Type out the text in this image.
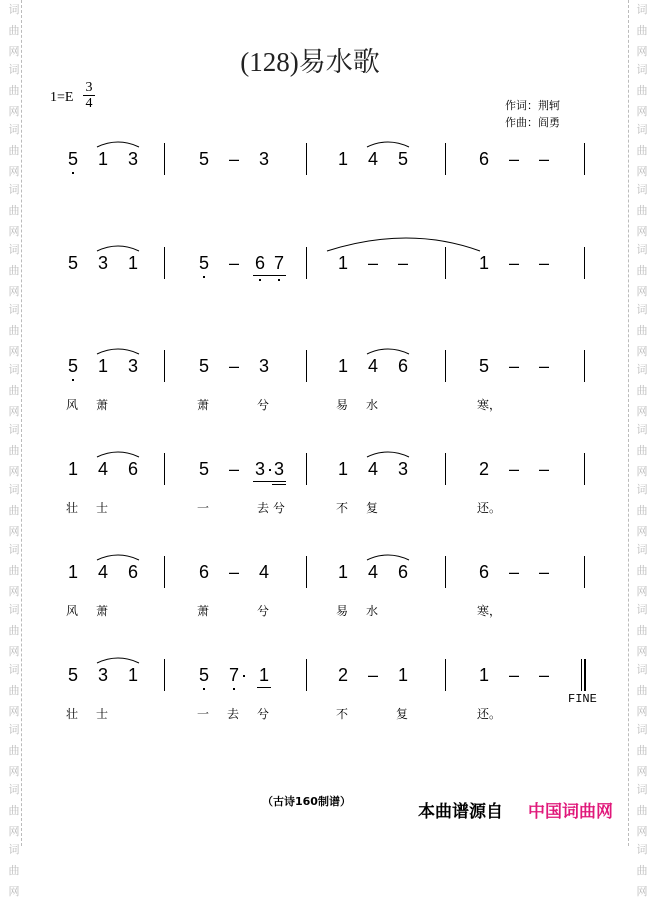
词
曲
网
词
曲
网
词
曲
网
词
曲
网
词
曲
网
词
曲
网
词
曲
网
词
曲
网
词
曲
网
词
曲
网
词
曲
网
词
曲
网
词
曲
网
词
曲
网
词
曲
网
词
曲
网
词
曲
网
词
曲
网
词
曲
网
词
曲
网
词
曲
网
词
曲
网
词
曲
网
词
曲
网
词
曲
网
词
曲
网
词
曲
网
词
曲
网
词
曲
网
词
曲
网
(128)易水歌
$1=E \frac{3}{4}$	作词：荆轲
作曲：阎勇
5 1 3	5 – 3	1 4 5	6 – –
5 3 1	5 – 6 7	1 – –	1 – –
5 1 3
风 萧
5 – 3
萧	兮
1 4 6
易 水
5 – –
寒，
1 4 6
壮 士
5 – 3 3
一	去 兮
1 4 3
不 复
2 – –
还。
1 4 6
风 萧
6 – 4
萧	兮
1 4 6
易 水
6 – –
寒，
5 3 1
壮 士
5 7 1
一 去 兮
2 – 1
不	复
1 – –
FINE
还。
（古诗160制谱）
本曲谱源自 中国词曲网
